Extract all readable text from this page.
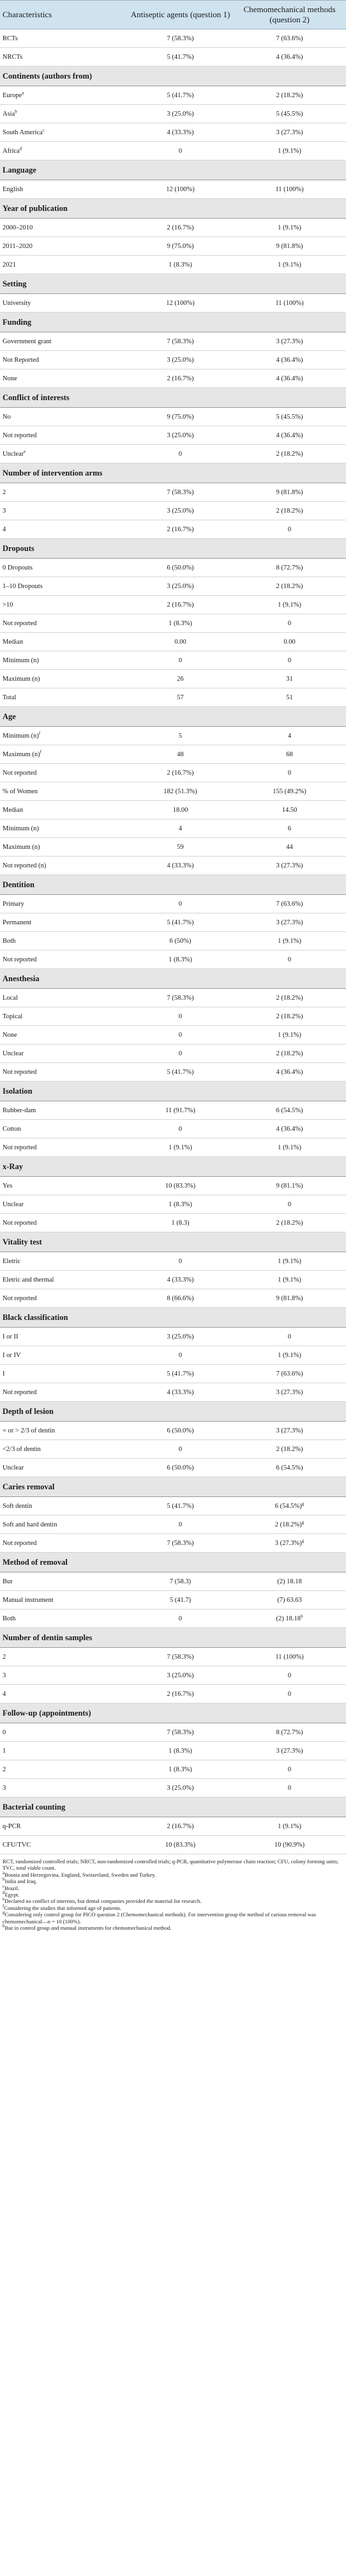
Characteristics	Antiseptic agents (question 1)	Chemomechanical methods (question 2)
RCTs	7 (58.3%)	7 (63.6%)
NRCTs	5 (41.7%)	4 (36.4%)
Continents (authors from)		
Europe$^a$	5 (41.7%)	2 (18.2%)
Asia$^b$	3 (25.0%)	5 (45.5%)
South America$^c$	4 (33.3%)	3 (27.3%)
Africa$^d$	0	1 (9.1%)
Language		
English	12 (100%)	11 (100%)
Year of publication		
2000–2010	2 (16.7%)	1 (9.1%)
2011–2020	9 (75.0%)	9 (81.8%)
2021	1 (8.3%)	1 (9.1%)
Setting		
University	12 (100%)	11 (100%)
Funding		
Government grant	7 (58.3%)	3 (27.3%)
Not Reported	3 (25.0%)	4 (36.4%)
None	2 (16.7%)	4 (36.4%)
Conflict of interests		
No	9 (75.0%)	5 (45.5%)
Not reported	3 (25.0%)	4 (36.4%)
Unclear$^e$	0	2 (18.2%)
Number of intervention arms		
2	7 (58.3%)	9 (81.8%)
3	3 (25.0%)	2 (18.2%)
4	2 (16.7%)	0
Dropouts		
0 Dropouts	6 (50.0%)	8 (72.7%)
1–10 Dropouts	3 (25.0%)	2 (18.2%)
>10	2 (16.7%)	1 (9.1%)
Not reported	1 (8.3%)	0
Median	0.00	0.00
Minimum (n)	0	0
Maximum (n)	26	31
Total	57	51
Age		
Minimum $(n)^f$	5	4
Maximum $(n)^f$	48	68
Not reported	2 (16.7%)	0
% of Women	182 (51.3%)	155 (49.2%)
Median	18.00	14.50
Minimum (n)	4	6
Maximum (n)	59	44
Not reported (n)	4 (33.3%)	3 (27.3%)
Dentition		
Primary	0	7 (63.6%)
Permanent	5 (41.7%)	3 (27.3%)
Both	6 (50%)	1 (9.1%)
Not reported	1 (8.3%)	0
Anesthesia		
Local	7 (58.3%)	2 (18.2%)
Topical	0	2 (18.2%)
None	0	1 (9.1%)
Unclear	0	2 (18.2%)
Not reported	5 (41.7%)	4 (36.4%)
Isolation		
Rubber-dam	11 (91.7%)	6 (54.5%)
Cotton	0	4 (36.4%)
Not reported	1 (9.1%)	1 (9.1%)
x-Ray		
Yes	10 (83.3%)	9 (81.1%)
Unclear	1 (8.3%)	0
Not reported	1 (8.3)	2 (18.2%)
Vitality test		
Eletric	0	1 (9.1%)
Eletric and thermal	4 (33.3%)	1 (9.1%)
Not reported	8 (66.6%)	9 (81.8%)
Black classification		
I or II	3 (25.0%)	0
I or IV	0	1 (9.1%)
I	5 (41.7%)	7 (63.6%)
Not reported	4 (33.3%)	3 (27.3%)
Depth of lesion		
= or > 2/3 of dentin	6 (50.0%)	3 (27.3%)
<2/3 of dentin	0	2 (18.2%)
Unclear	6 (50.0%)	6 (54.5%)
Caries removal		
Soft dentin	5 (41.7%)	6 $(54.5\%)^g$
Soft and hard dentin	0	2 $(18.2\%)^g$
Not reported	7 (58.3%)	3 $(27.3\%)^g$
Method of removal		
Bur	7 (58.3)	(2) 18.18
Manual instrument	5 (41.7)	(7) 63.63
Both	0	(2) 18.18$^h$
Number of dentin samples		
2	7 (58.3%)	11 (100%)
3	3 (25.0%)	0
4	2 (16.7%)	0
Follow-up (appointments)		
0	7 (58.3%)	8 (72.7%)
1	1 (8.3%)	3 (27.3%)
2	1 (8.3%)	0
3	3 (25.0%)	0
Bacterial counting		
q-PCR	2 (16.7%)	1 (9.1%)
CFU/TVC	10 (83.3%)	10 (90.9%)

RCT, randomized controlled trials; NRCT, non-randomized controlled trials; q-PCR, quantitative polymerase chain reaction; CFU, colony forming units; TVC, total viable count.

$^a$Bosnia and Herzegovina, England, Switzerland, Sweden and Turkey.

$^b$India and Iraq.

$^c$Brazil.

$^d$Egypt.

$^e$Declared no conflict of interests, but dental companies provided the material for research.

$^f$Considering the studies that informed age of patients.

$^g$Considering only control group for PICO question 2 (Chemomechanical methods). For intervention group the method of carious removal was chemomechanical—n = 10 (100%).

$^h$Bur in control group and manual instruments for chemomechanical method.
